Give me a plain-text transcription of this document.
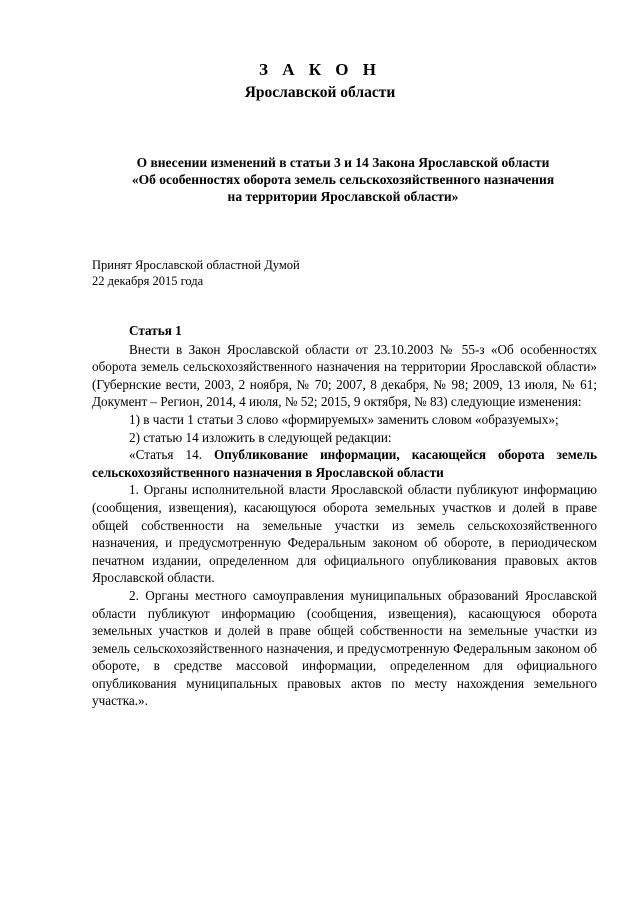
З А К О Н
Ярославской области
О внесении изменений в статьи 3 и 14 Закона Ярославской области
«Об особенностях оборота земель сельскохозяйственного назначения
на территории Ярославской области»
Принят Ярославской областной Думой
22 декабря 2015 года

Статья 1

Внести в Закон Ярославской области от 23.10.2003 № 55-з «Об особенностях оборота земель сельскохозяйственного назначения на территории Ярославской области» (Губернские вести, 2003, 2 ноября, № 70; 2007, 8 декабря, № 98; 2009, 13 июля, № 61; Документ – Регион, 2014, 4 июля, № 52; 2015, 9 октября, № 83) следующие изменения:

1) в части 1 статьи 3 слово «формируемых» заменить словом «образуемых»;

2) статью 14 изложить в следующей редакции:

«Статья 14. Опубликование информации, касающейся оборота земель сельскохозяйственного назначения в Ярославской области

1. Органы исполнительной власти Ярославской области публикуют информацию (сообщения, извещения), касающуюся оборота земельных участков и долей в праве общей собственности на земельные участки из земель сельскохозяйственного назначения, и предусмотренную Федеральным законом об обороте, в периодическом печатном издании, определенном для официального опубликования правовых актов Ярославской области.

2. Органы местного самоуправления муниципальных образований Ярославской области публикуют информацию (сообщения, извещения), касающуюся оборота земельных участков и долей в праве общей собственности на земельные участки из земель сельскохозяйственного назначения, и предусмотренную Федеральным законом об обороте, в средстве массовой информации, определенном для официального опубликования муниципальных правовых актов по месту нахождения земельного участка.».
